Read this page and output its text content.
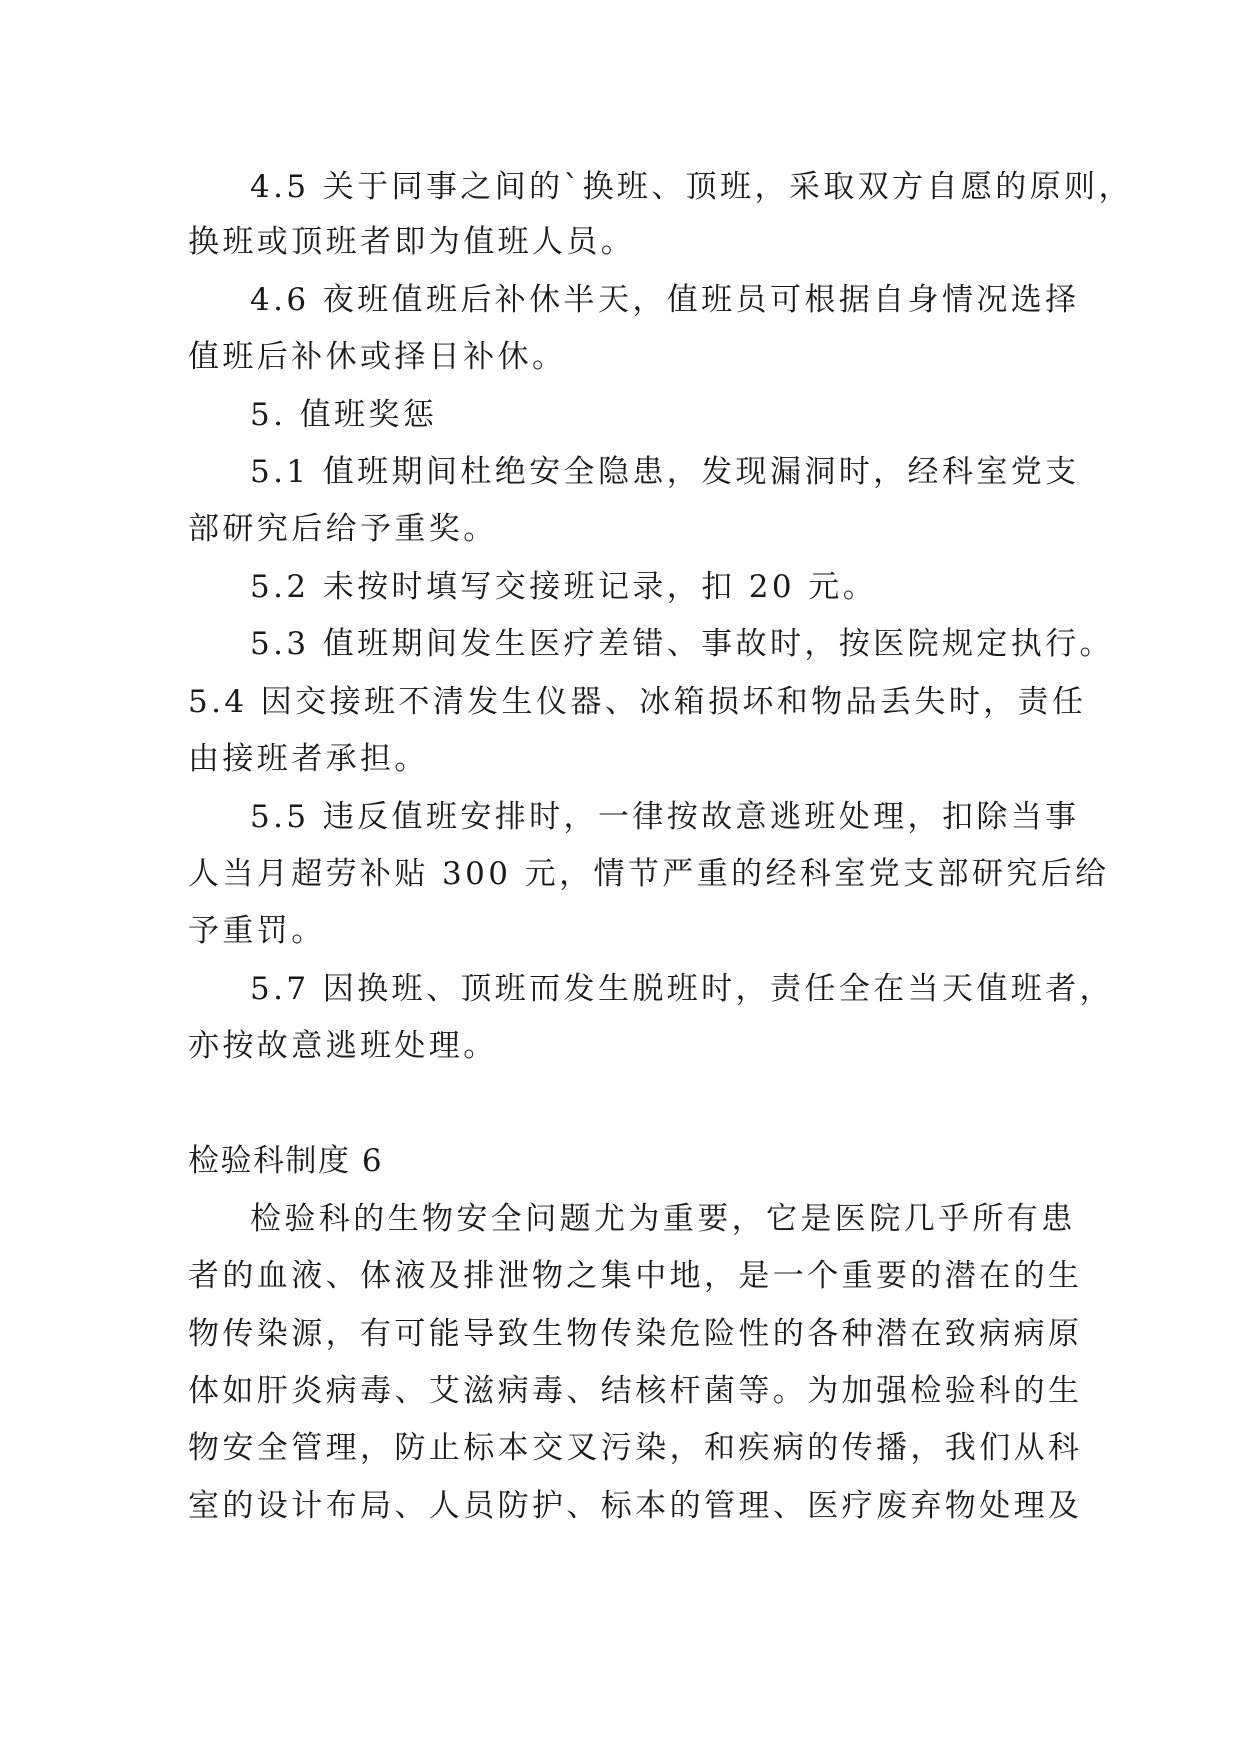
4.5 关于同事之间的`换班、顶班，采取双方自愿的原则，
换班或顶班者即为值班人员。
4.6 夜班值班后补休半天，值班员可根据自身情况选择
值班后补休或择日补休。
5. 值班奖惩
5.1 值班期间杜绝安全隐患，发现漏洞时，经科室党支
部研究后给予重奖。
5.2 未按时填写交接班记录，扣 20 元。
5.3 值班期间发生医疗差错、事故时，按医院规定执行。
5.4 因交接班不清发生仪器、冰箱损坏和物品丢失时，责任
由接班者承担。
5.5 违反值班安排时，一律按故意逃班处理，扣除当事
人当月超劳补贴 300 元，情节严重的经科室党支部研究后给
予重罚。
5.7 因换班、顶班而发生脱班时，责任全在当天值班者，
亦按故意逃班处理。
检验科制度 6
检验科的生物安全问题尤为重要，它是医院几乎所有患
者的血液、体液及排泄物之集中地，是一个重要的潜在的生
物传染源，有可能导致生物传染危险性的各种潜在致病病原
体如肝炎病毒、艾滋病毒、结核杆菌等。为加强检验科的生
物安全管理，防止标本交叉污染，和疾病的传播，我们从科
室的设计布局、人员防护、标本的管理、医疗废弃物处理及
